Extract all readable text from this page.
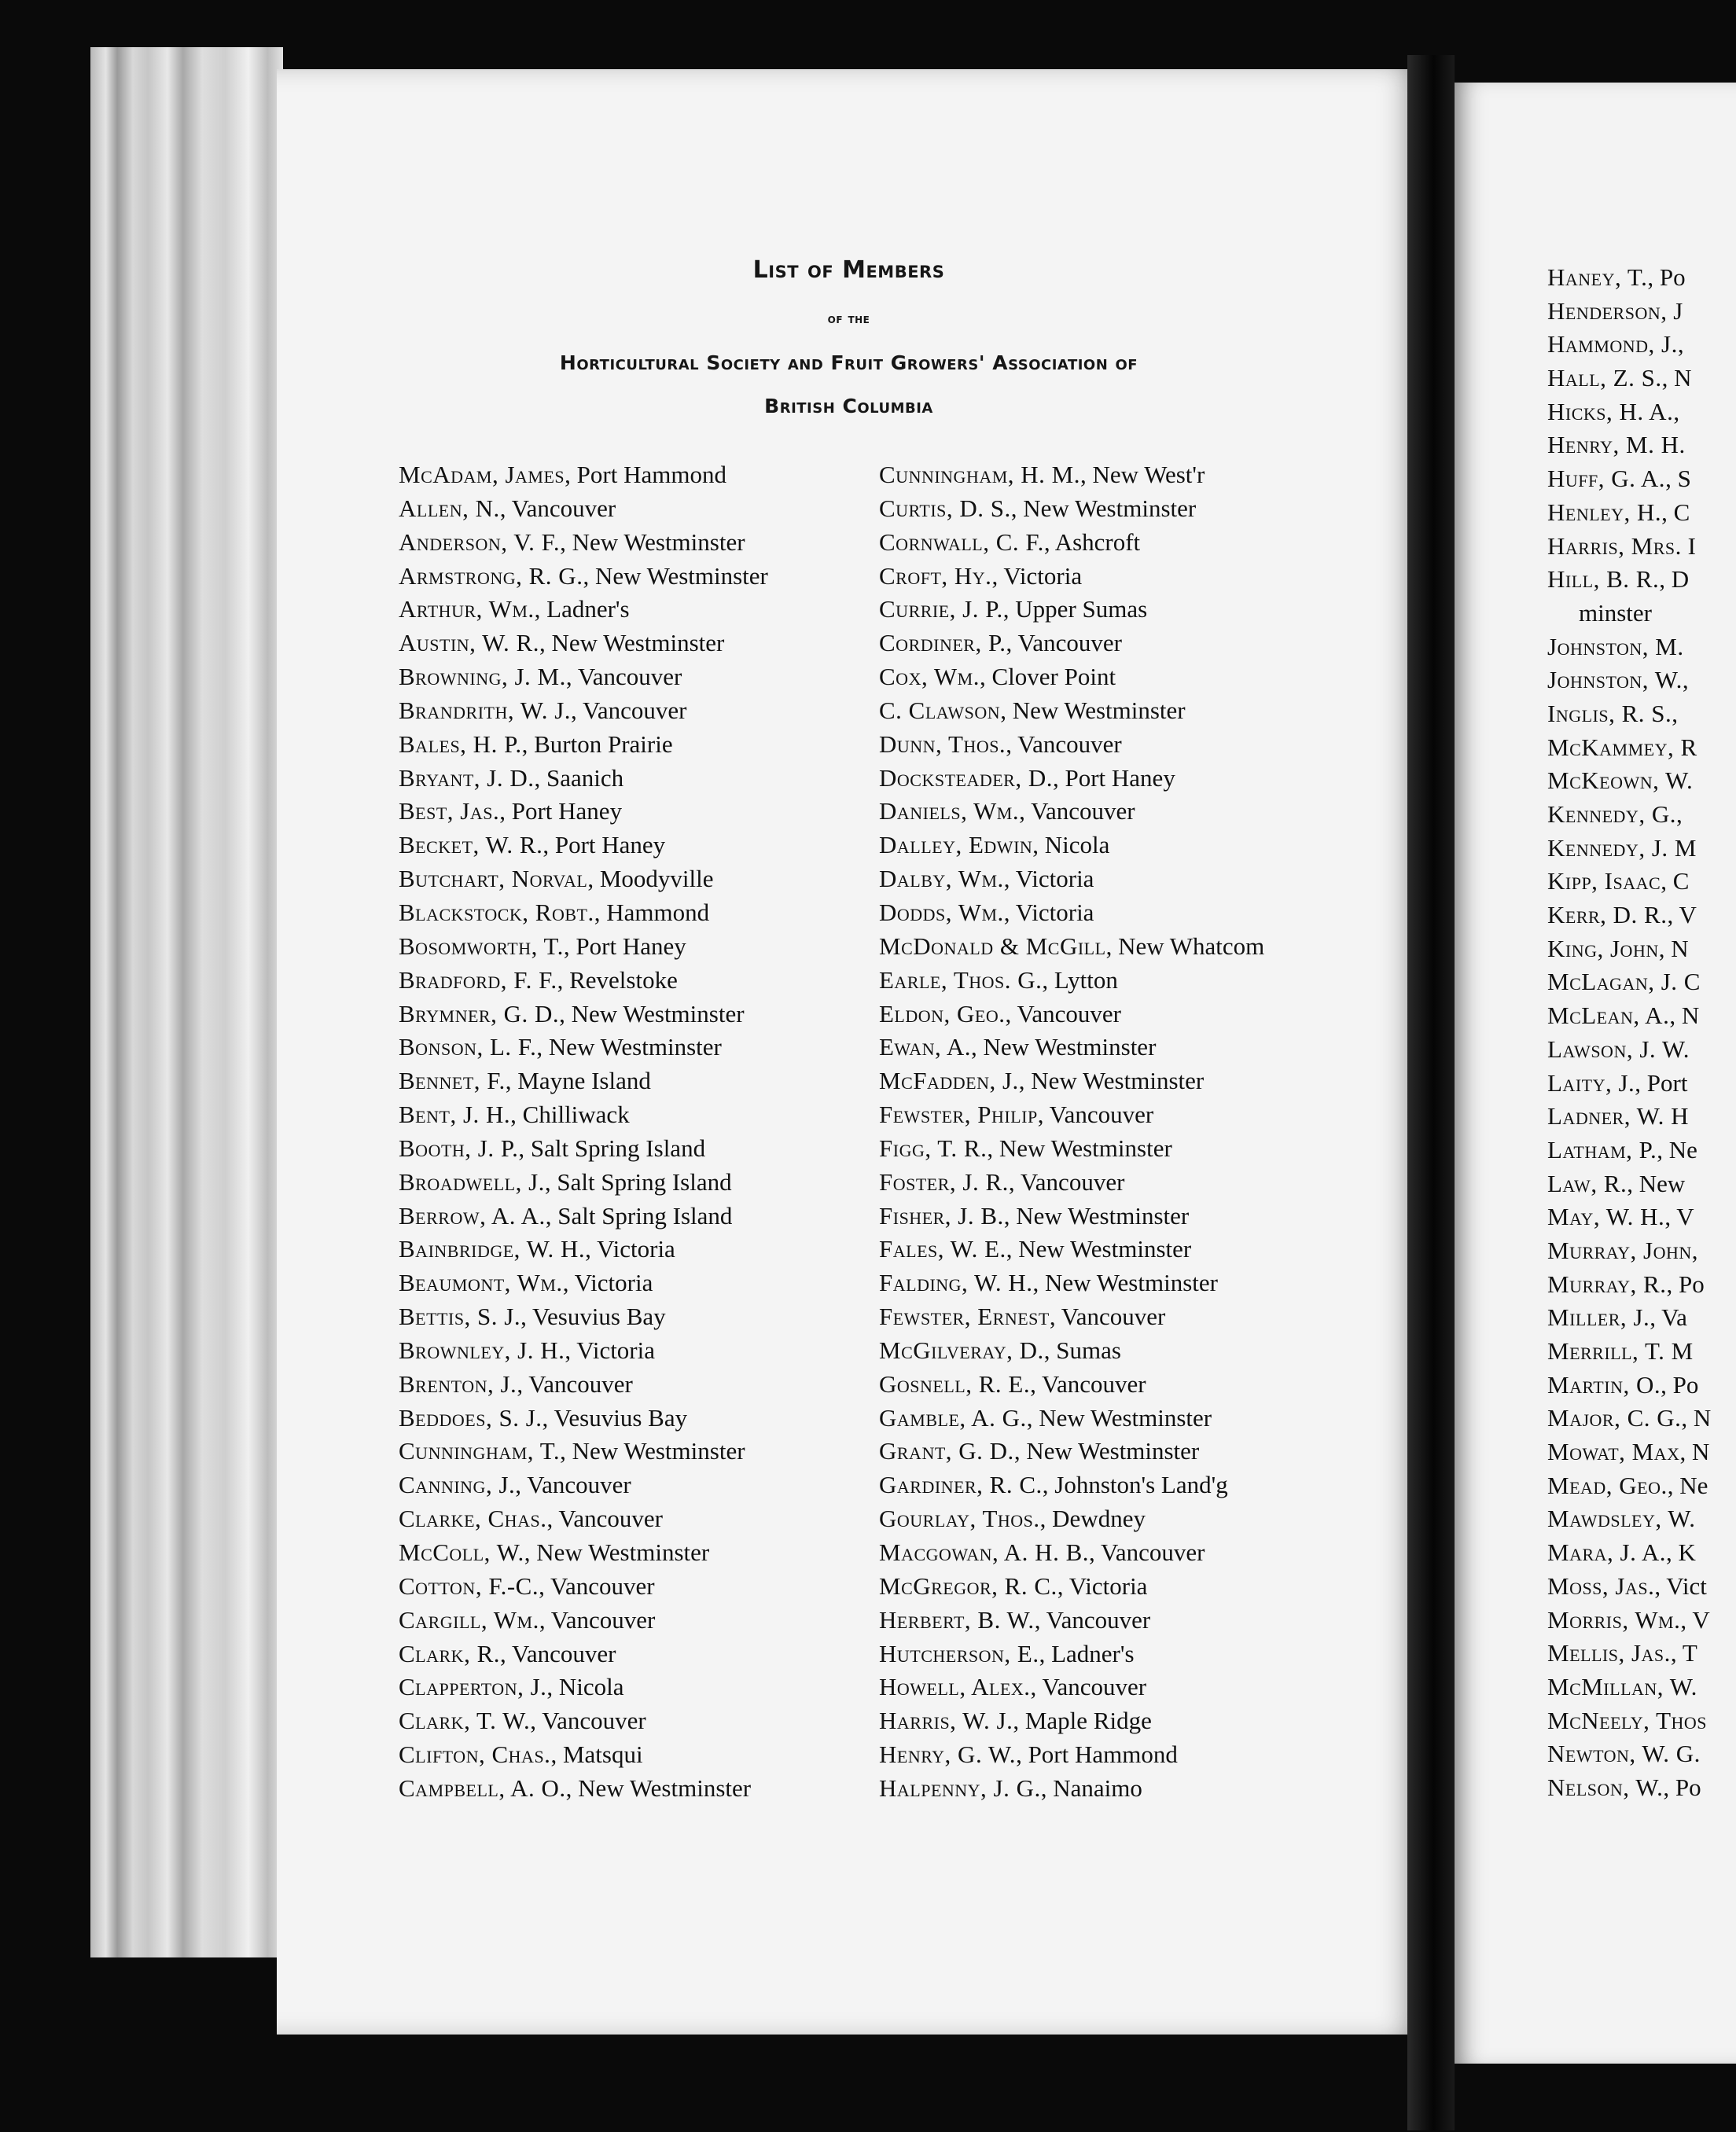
List of Members
of the
Horticultural Society and Fruit Growers' Association of
British Columbia
McAdam, James, Port Hammond
Allen, N., Vancouver
Anderson, V. F., New Westminster
Armstrong, R. G., New Westminster
Arthur, Wm., Ladner's
Austin, W. R., New Westminster
Browning, J. M., Vancouver
Brandrith, W. J., Vancouver
Bales, H. P., Burton Prairie
Bryant, J. D., Saanich
Best, Jas., Port Haney
Becket, W. R., Port Haney
Butchart, Norval, Moodyville
Blackstock, Robt., Hammond
Bosomworth, T., Port Haney
Bradford, F. F., Revelstoke
Brymner, G. D., New Westminster
Bonson, L. F., New Westminster
Bennet, F., Mayne Island
Bent, J. H., Chilliwack
Booth, J. P., Salt Spring Island
Broadwell, J., Salt Spring Island
Berrow, A. A., Salt Spring Island
Bainbridge, W. H., Victoria
Beaumont, Wm., Victoria
Bettis, S. J., Vesuvius Bay
Brownley, J. H., Victoria
Brenton, J., Vancouver
Beddoes, S. J., Vesuvius Bay
Cunningham, T., New Westminster
Canning, J., Vancouver
Clarke, Chas., Vancouver
McColl, W., New Westminster
Cotton, F.-C., Vancouver
Cargill, Wm., Vancouver
Clark, R., Vancouver
Clapperton, J., Nicola
Clark, T. W., Vancouver
Clifton, Chas., Matsqui
Campbell, A. O., New Westminster
Cunningham, H. M., New West'r
Curtis, D. S., New Westminster
Cornwall, C. F., Ashcroft
Croft, Hy., Victoria
Currie, J. P., Upper Sumas
Cordiner, P., Vancouver
Cox, Wm., Clover Point
C. Clawson, New Westminster
Dunn, Thos., Vancouver
Docksteader, D., Port Haney
Daniels, Wm., Vancouver
Dalley, Edwin, Nicola
Dalby, Wm., Victoria
Dodds, Wm., Victoria
McDonald & McGill, New Whatcom
Earle, Thos. G., Lytton
Eldon, Geo., Vancouver
Ewan, A., New Westminster
McFadden, J., New Westminster
Fewster, Philip, Vancouver
Figg, T. R., New Westminster
Foster, J. R., Vancouver
Fisher, J. B., New Westminster
Fales, W. E., New Westminster
Falding, W. H., New Westminster
Fewster, Ernest, Vancouver
McGilveray, D., Sumas
Gosnell, R. E., Vancouver
Gamble, A. G., New Westminster
Grant, G. D., New Westminster
Gardiner, R. C., Johnston's Land'g
Gourlay, Thos., Dewdney
Macgowan, A. H. B., Vancouver
McGregor, R. C., Victoria
Herbert, B. W., Vancouver
Hutcherson, E., Ladner's
Howell, Alex., Vancouver
Harris, W. J., Maple Ridge
Henry, G. W., Port Hammond
Halpenny, J. G., Nanaimo
Haney, T., Po
Henderson, J
Hammond, J.,
Hall, Z. S., N
Hicks, H. A.,
Henry, M. H.
Huff, G. A., S
Henley, H., C
Harris, Mrs. I
Hill, B. R., D
minster
Johnston, M.
Johnston, W.,
Inglis, R. S.,
McKammey, R
McKeown, W.
Kennedy, G.,
Kennedy, J. M
Kipp, Isaac, C
Kerr, D. R., V
King, John, N
McLagan, J. C
McLean, A., N
Lawson, J. W.
Laity, J., Port
Ladner, W. H
Latham, P., Ne
Law, R., New
May, W. H., V
Murray, John,
Murray, R., Po
Miller, J., Va
Merrill, T. M
Martin, O., Po
Major, C. G., N
Mowat, Max, N
Mead, Geo., Ne
Mawdsley, W.
Mara, J. A., K
Moss, Jas., Vict
Morris, Wm., V
Mellis, Jas., T
McMillan, W.
McNeely, Thos
Newton, W. G.
Nelson, W., Po
